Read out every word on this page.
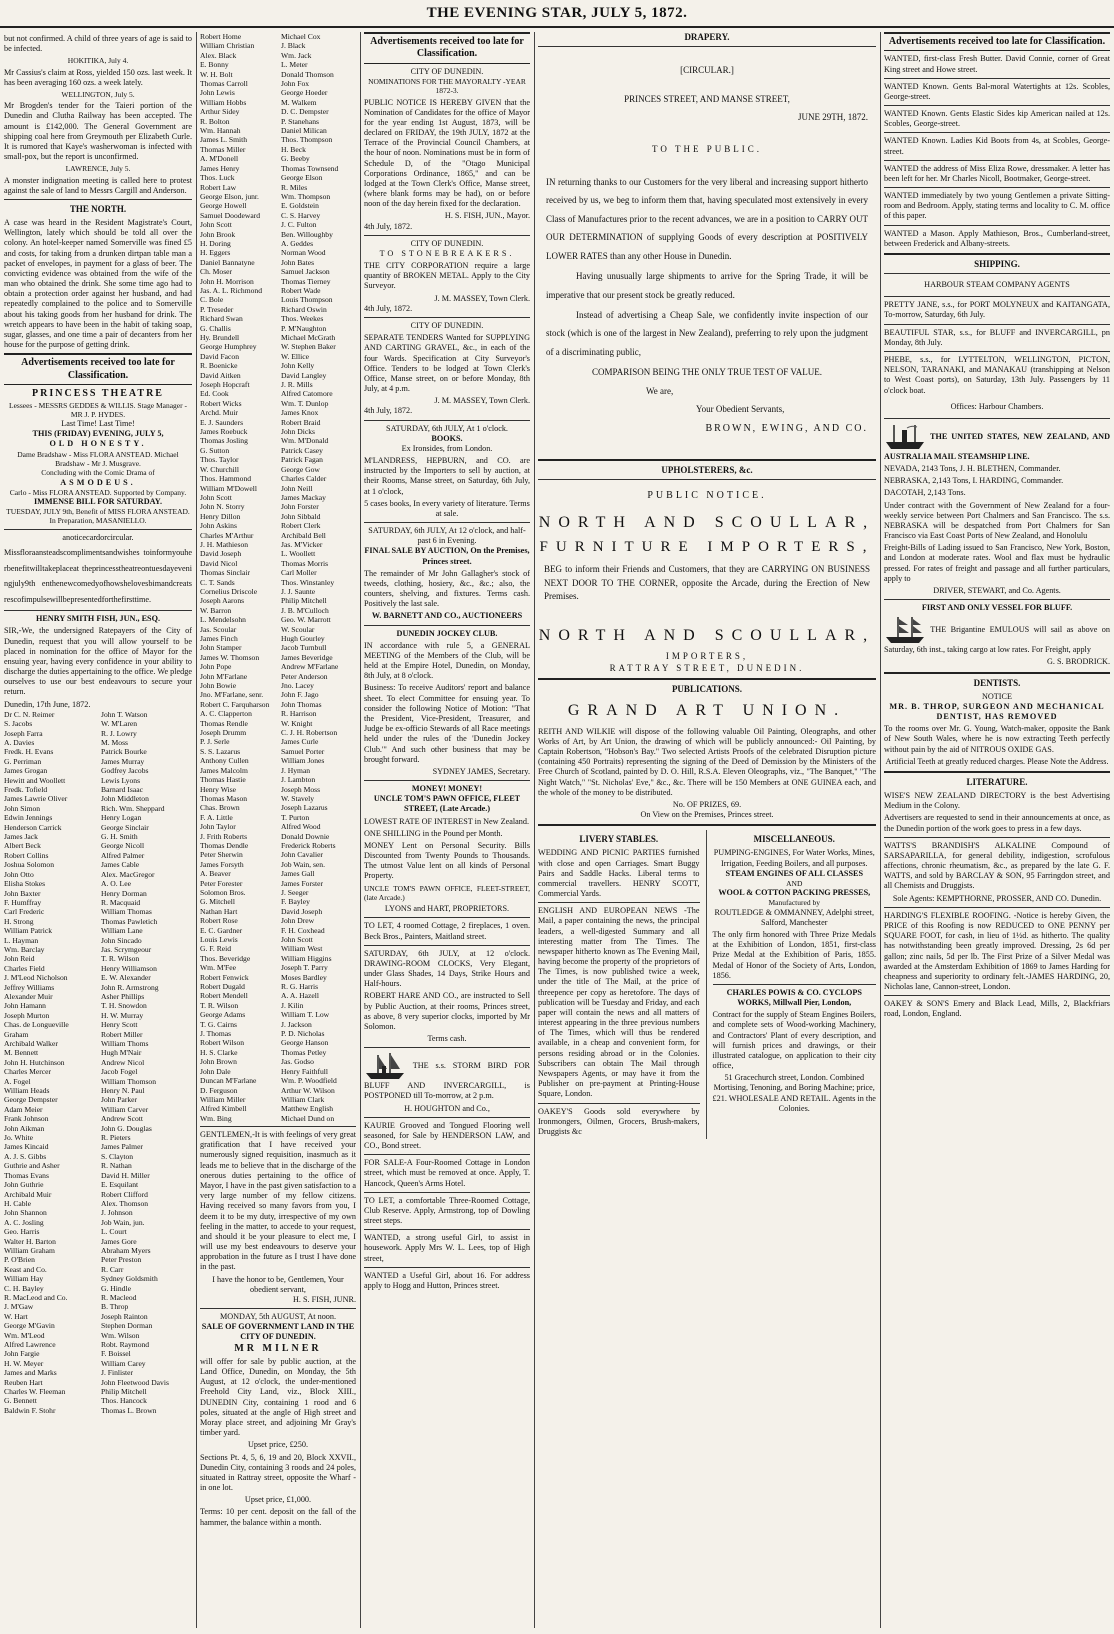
THE EVENING STAR, JULY 5, 1872.
but not confirmed. A child of three years of age is said to be infected.
HOKITIKA, July 4.
Mr Cassius's claim at Ross, yielded 150 ozs. last week. It has been averaging 160 ozs. a week lately.
WELLINGTON, July 5.
Mr Brogden's tender for the Taieri portion of the Dunedin and Clutha Railway has been accepted. The amount is £142,000. The General Government are shipping coal here from Greymouth per Elizabeth Curle. It is rumored that Kaye's washerwoman is infected with small-pox, but the report is unconfirmed.
LAWRENCE, July 5.
A monster indignation meeting is called here to protest against the sale of land to Messrs Cargill and Anderson.
THE NORTH.
A case was heard in the Resident Magistrate's Court, Wellington, lately which should be told all over the colony. An hotel-keeper named Somerville was fined £5 and costs, for taking from a drunken dirtpan table man a packet of envelopes, in payment for a glass of beer. The convicting evidence was obtained from the wife of the man who obtained the drink. She some time ago had to obtain a protection order against her husband, and had repeatedly complained to the police and to Somerville about his taking goods from her husband for drink. The wretch appears to have been in the habit of taking soap, sugar, glasses, and one time a pair of decanters from her house for the purpose of getting drink.
Advertisements received too late for Classification.
PRINCESS THEATRE
Lessees - MESSRS GEDDES & WILLIS. Stage Manager - MR J. P. HYDES.
Last Time! Last Time!
THIS (FRIDAY) EVENING, JULY 5,
OLD HONESTY.
Dame Bradshaw - Miss FLORA ANSTEAD. Michael Bradshaw - Mr J. Musgrave.
Concluding with the Comic Drama of
ASMODEUS.
Carlo - Miss FLORA ANSTEAD. Supported by Company.
IMMENSE BILL FOR SATURDAY.
TUESDAY, JULY 9th, Benefit of MISS FLORA ANSTEAD. In Preparation, MASANIELLO.
anoticecardorcircular.
Missfloraansteadscomplimentsandwishes toinformyouherbenefitwilltakeplaceat theprincesstheatreontuesdayeveningjuly9th enthenewcomedyofhowshelovesbimandcreats rescofimpulsewillbepresentedforthefirsttime.
HENRY SMITH FISH, JUN., ESQ.
SIR,-We, the undersigned Ratepayers of the City of Dunedin, request that you will allow yourself to be placed in nomination for the office of Mayor for the ensuing year, having every confidence in your ability to discharge the duties appertaining to the office. We pledge ourselves to use our best endeavours to secure your return.
Dunedin, 17th June, 1872.
Dr C. N. Reimer
S. Jacobs
Joseph Farra
A. Davies
Fredk. H. Evans
G. Perriman
James Grogan
Hewitt and Woollett
Fredk. Tofield
James Lawrie Oliver
John Simon
Edwin Jennings
Henderson Carrick
James Jack
Albert Beck
Robert Collins
Joshua Solomon
John Otto
Elisha Stokes
John Baxter
F. Humffray
Carl Frederic
H. Strong
William Patrick
L. Hayman
Wm. Barclay
John Reid
Charles Field
J. M'Leod Nicholson
Jeffrey Williams
Alexander Muir
John Hamann
Joseph Murton
Chas. de Longueville Graham
Archibald Walker
M. Bennett
John H. Hutchinson
Charles Mercer
A. Fogel
William Heads
George Dempster
Adam Meier
Frank Johnson
John Aikman
Jo. White
James Kincaid
A. J. S. Gibbs
Guthrie and Asher
Thomas Evans
John Guthrie
Archibald Muir
H. Cable
John Shannon
A. C. Josling
Geo. Harris
Walter H. Barton
William Graham
P. O'Brien
Keast and Co.
William Hay
C. H. Bayley
R. MacLeod and Co.
J. M'Gaw
W. Hart
George M'Gavin
Wm. M'Leod
Alfred Lawrence
John Fargie
H. W. Meyer
James and Marks
Reuben Hart
Charles W. Fleeman
G. Bennett
Baldwin F. Stohr
John T. Watson
W. M'Laren
R. J. Lowry
M. Moss
Patrick Bourke
James Murray
Godfrey Jacobs
Lewis Lyons
Barnard Isaac
John Middleton
Rich. Wm. Sheppard
Henry Logan
George Sinclair
G. H. Smith
George Nicoll
Alfred Palmer
James Cable
Alex. MacGregor
A. O. Lee
Henry Dorman
R. Macquaid
William Thomas
Thomas Pawletich
William Lane
John Sincado
Jas. Scrymgeour
T. R. Wilson
Henry Williamson
E. W. Alexander
John R. Armstrong
Asher Phillips
T. H. Snowdon
H. W. Murray
Henry Scott
Robert Miller
William Thoms
Hugh M'Nair
Andrew Nicol
Jacob Fogel
William Thomson
Henry N. Paul
John Parker
William Carver
Andrew Scott
John G. Douglas
R. Pieters
James Palmer
S. Clayton
R. Nathan
David H. Miller
E. Esquilant
Robert Clifford
Alex. Thomson
J. Johnson
Job Wain, jun.
L. Court
James Gore
Abraham Myers
Peter Preston
R. Carr
Sydney Goldsmith
G. Hindle
R. Macleod
B. Throp
Joseph Rainton
Stephen Dorman
Wm. Wilson
Robt. Raymond
F. Boissel
William Carey
J. Finlister
John Fleetwood Davis
Philip Mitchell
Thos. Hancock
Thomas L. Brown
Robert Home
William Christian
Alex. Black
E. Bonny
W. H. Bolt
Thomas Carroll
John Lewis
William Hobbs
Arthur Sidey
R. Bolton
Wm. Hannah
James L. Smith
Thomas Miller
A. M'Donell
James Henry
Thos. Luck
Robert Law
George Elson, junr.
George Howell
Samuel Doodeward
John Scott
John Brook
H. Doring
H. Eggers
Daniel Bannatyne
Ch. Moser
John H. Morrison
Jas. A. L. Richmond
C. Bole
P. Treseder
Richard Swan
G. Challis
Hy. Brundell
George Humphrey
David Facon
R. Boenicke
David Aitken
Joseph Hopcraft
Ed. Cook
Robert Wicks
Archd. Muir
E. J. Saunders
James Roebuck
Thomas Josling
G. Sutton
Thos. Taylor
W. Churchill
Thos. Hammond
William M'Dowell
John Scott
John N. Storry
Henry Dillon
John Askins
Charles M'Arthur
J. H. Mathieson
David Joseph
David Nicol
Thomas Sinclair
C. T. Sands
Cornelius Driscole
Joseph Aarons
W. Barron
L. Mendelsohn
Jas. Scoular
James Finch
John Stamper
James W. Thomson
John Pope
John M'Farlane
John Bowie
Jno. M'Farlane, senr.
Robert C. Farquharson
A. C. Clapperton
Thomas Rendle
Joseph Drumm
P. J. Serle
S. S. Lazarus
Anthony Cullen
James Malcolm
Thomas Hastie
Henry Wise
Thomas Mason
Chas. Brown
F. A. Little
John Taylor
J. Frith Roberts
Thomas Dendle
Peter Sherwin
James Forsyth
A. Beaver
Peter Forester
Solomon Bros.
G. Mitchell
Nathan Hart
Robert Rose
E. C. Gardner
Louis Lewis
G. F. Reid
Thos. Beveridge
Wm. M'Fee
Robert Fenwick
Robert Dugald
Robert Mendell
T. R. Wilson
George Adams
T. G. Cairns
J. Thomas
Robert Wilson
H. S. Clarke
John Brown
John Dale
Duncan M'Farlane
D. Ferguson
William Miller
Alfred Kimbell
Wm. Bing
Michael Cox
J. Black
Wm. Jack
L. Meter
Donald Thomson
John Fox
George Hoeder
M. Walkem
D. C. Dempster
P. Stanehans
Daniel Milican
Thos. Thompson
H. Beck
G. Beeby
Thomas Townsend
George Elson
R. Miles
Wm. Thompson
E. Goldstein
C. S. Harvey
J. C. Fulton
Ben. Willoughby
A. Geddes
Norman Wood
John Bates
Samuel Jackson
Thomas Tierney
Robert Wade
Louis Thompson
Richard Oswin
Thos. Weekes
P. M'Naughton
Michael McGrath
W. Stephen Baker
W. Ellice
John Kelly
David Langley
J. R. Mills
Alfred Catomore
Wm. T. Dunlop
James Knox
Robert Braid
John Dicks
Wm. M'Donald
Patrick Casey
Patrick Fagan
George Gow
Charles Calder
John Neill
James Mackay
John Forster
John Sibbald
Robert Clerk
Archibald Bell
Jas. M'Vicker
L. Woollett
Thomas Morris
Carl Moller
Thos. Winstanley
J. J. Saunte
Philip Mitchell
J. B. M'Culloch
Geo. W. Marrott
W. Scoular
Hugh Gourley
Jacob Turnbull
James Beveridge
Andrew M'Farlane
Peter Anderson
Jno. Lacey
John F. Jago
John Thomas
R. Harrison
W. Knight
C. J. H. Robertson
James Curle
Samuel Porter
William Jones
J. Hyman
J. Lambton
Joseph Moss
W. Stavely
Joseph Lazarus
T. Purton
Alfred Wood
Donald Downie
Frederick Roberts
John Cavalier
Job Wain, sen.
James Gall
James Forster
J. Seeger
F. Bayley
David Joseph
John Drew
F. H. Coxhead
John Scott
William West
William Higgins
Joseph T. Parry
Moses Bardley
R. G. Harris
A. A. Hazell
J. Kilin
William T. Low
J. Jackson
P. D. Nicholas
George Hanson
Thomas Petley
Jas. Godso
Henry Faithfull
Wm. P. Woodfield
Arthur W. Wilson
William Clark
Matthew English
Michael Dund on
GENTLEMEN,-It is with feelings of very great gratification that I have received your numerously signed requisition, inasmuch as it leads me to believe that in the discharge of the onerous duties pertaining to the office of Mayor, I have in the past given satisfaction to a very large number of my fellow citizens. Having received so many favors from you, I deem it to be my duty, irrespective of my own feeling in the matter, to accede to your request, and should it be your pleasure to elect me, I will use my best endeavours to deserve your approbation in the future as I trust I have done in the past.
I have the honor to be, Gentlemen, Your obedient servant,
H. S. FISH, JUNR.
MONDAY, 5th AUGUST, At noon.
SALE OF GOVERNMENT LAND IN THE CITY OF DUNEDIN.
MR MILNER
will offer for sale by public auction, at the Land Office, Dunedin, on Monday, the 5th August, at 12 o'clock, the under-mentioned Freehold City Land, viz., Block XIII., DUNEDIN City, containing 1 rood and 6 poles, situated at the angle of High street and Moray place street, and adjoining Mr Gray's timber yard.
Upset price, £250.
Sections Pt. 4, 5, 6, 19 and 20, Block XXVII., Dunedin City, containing 3 roods and 24 poles, situated in Rattray street, opposite the Wharf - in one lot.
Upset price, £1,000.
Terms: 10 per cent. deposit on the fall of the hammer, the balance within a month.
Advertisements received too late for Classification.
CITY OF DUNEDIN.
NOMINATIONS FOR THE MAYORALTY -YEAR 1872-3.
PUBLIC NOTICE IS HEREBY GIVEN that the Nomination of Candidates for the office of Mayor for the year ending 1st August, 1873, will be declared on FRIDAY, the 19th JULY, 1872 at the Terrace of the Provincial Council Chambers, at the hour of noon. Nominations must be in form of Schedule D, of the "Otago Municipal Corporations Ordinance, 1865," and can be lodged at the Town Clerk's Office, Manse street, (where blank forms may be had), on or before noon of the day herein fixed for the declaration.
H. S. FISH, JUN., Mayor.
4th July, 1872.
CITY OF DUNEDIN.
TO STONEBREAKERS.
THE CITY CORPORATION require a large quantity of BROKEN METAL. Apply to the City Surveyor.
J. M. MASSEY, Town Clerk.
4th July, 1872.
CITY OF DUNEDIN.
SEPARATE TENDERS Wanted for SUPPLYING AND CARTING GRAVEL, &c., in each of the four Wards. Specification at City Surveyor's Office. Tenders to be lodged at Town Clerk's Office, Manse street, on or before Monday, 8th July, at 4 p.m.
J. M. MASSEY, Town Clerk.
4th July, 1872.
SATURDAY, 6th JULY, At 1 o'clock.
BOOKS.
Ex Ironsides, from London.
M'LANDRESS, HEPBURN, and CO. are instructed by the Importers to sell by auction, at their Rooms, Manse street, on Saturday, 6th July, at 1 o'clock,
5 cases books, In every variety of literature. Terms at sale.
SATURDAY, 6th JULY, At 12 o'clock, and half-past 6 in Evening.
FINAL SALE BY AUCTION, On the Premises, Princes street.
The remainder of Mr John Gallagher's stock of tweeds, clothing, hosiery, &c., &c.; also, the counters, shelving, and fixtures. Terms cash. Positively the last sale.
W. BARNETT AND CO., AUCTIONEERS
DUNEDIN JOCKEY CLUB.
IN accordance with rule 5, a GENERAL MEETING of the Members of the Club, will be held at the Empire Hotel, Dunedin, on Monday, 8th July, at 8 o'clock.
Business: To receive Auditors' report and balance sheet. To elect Committee for ensuing year. To consider the following Notice of Motion: "That the President, Vice-President, Treasurer, and Judge be ex-officio Stewards of all Race meetings held under the rules of the 'Dunedin Jockey Club.'" And such other business that may be brought forward.
SYDNEY JAMES, Secretary.
MONEY! MONEY!
UNCLE TOM'S PAWN OFFICE, FLEET STREET, (Late Arcade.)
LOWEST RATE OF INTEREST in New Zealand.
ONE SHILLING in the Pound per Month.
MONEY Lent on Personal Security. Bills Discounted from Twenty Pounds to Thousands. The utmost Value lent on all kinds of Personal Property.
UNCLE TOM'S PAWN OFFICE, FLEET-STREET, (late Arcade.)
LYONS and HART, PROPRIETORS.
TO LET, 4 roomed Cottage, 2 fireplaces, 1 oven. Beck Bros., Painters, Maitland street.
SATURDAY, 6th JULY, at 12 o'clock. DRAWING-ROOM CLOCKS, Very Elegant, under Glass Shades, 14 Days, Strike Hours and Half-hours.
ROBERT HARE AND CO., are instructed to Sell by Public Auction, at their rooms, Princes street, as above, 8 very superior clocks, imported by Mr Solomon.
Terms cash.
THE s.s. STORM BIRD FOR BLUFF AND INVERCARGILL, is POSTPONED till To-morrow, at 2 p.m.
H. HOUGHTON and Co.,
KAURIE Grooved and Tongued Flooring well seasoned, for Sale by HENDERSON LAW, and CO., Bond street.
FOR SALE-A Four-Roomed Cottage in London street, which must be removed at once. Apply, T. Hancock, Queen's Arms Hotel.
TO LET, a comfortable Three-Roomed Cottage, Club Reserve. Apply, Armstrong, top of Dowling street steps.
WANTED, a strong useful Girl, to assist in housework. Apply Mrs W. L. Lees, top of High street,
WANTED a Useful Girl, about 16. For address apply to Hogg and Hutton, Princes street.
DRAPERY.
[CIRCULAR.]
PRINCES STREET, AND MANSE STREET,
JUNE 29TH, 1872.
TO THE PUBLIC.
IN returning thanks to our Customers for the very liberal and increasing support hitherto received by us, we beg to inform them that, having speculated most extensively in every Class of Manufactures prior to the recent advances, we are in a position to CARRY OUT OUR DETERMINATION of supplying Goods of every description at POSITIVELY LOWER RATES than any other House in Dunedin.
Having unusually large shipments to arrive for the Spring Trade, it will be imperative that our present stock be greatly reduced.
Instead of advertising a Cheap Sale, we confidently invite inspection of our stock (which is one of the largest in New Zealand), preferring to rely upon the judgment of a discriminating public,
COMPARISON BEING THE ONLY TRUE TEST OF VALUE.
We are,
Your Obedient Servants,
BROWN, EWING, AND CO.
UPHOLSTERERS, &c.
PUBLIC NOTICE.
NORTH AND SCOULLAR,
FURNITURE IMPORTERS,
BEG to inform their Friends and Customers, that they are CARRYING ON BUSINESS NEXT DOOR TO THE CORNER, opposite the Arcade, during the Erection of New Premises.
NORTH AND SCOULLAR,
IMPORTERS,
RATTRAY STREET, DUNEDIN.
PUBLICATIONS.
GRAND ART UNION.
REITH AND WILKIE will dispose of the following valuable Oil Painting, Oleographs, and other Works of Art, by Art Union, the drawing of which will be publicly announced:- Oil Painting, by Captain Robertson, "Hobson's Bay." Two selected Artists Proofs of the celebrated Disruption picture (containing 450 Portraits) representing the signing of the Deed of Demission by the Ministers of the Free Church of Scotland, painted by D. O. Hill, R.S.A. Eleven Oleographs, viz., "The Banquet," "The Night Watch," "St. Nicholas' Eve," &c., &c. There will be 150 Members at ONE GUINEA each, and the whole of the money to be distributed.
No. OF PRIZES, 69.
On View on the Premises, Princes street.
LIVERY STABLES.
WEDDING AND PICNIC PARTIES furnished with close and open Carriages. Smart Buggy Pairs and Saddle Hacks. Liberal terms to commercial travellers. HENRY SCOTT, Commercial Yards.
ENGLISH AND EUROPEAN NEWS -The Mail, a paper containing the news, the principal leaders, a well-digested Summary and all interesting matter from The Times. The newspaper hitherto known as The Evening Mail, having become the property of the proprietors of The Times, is now published twice a week, under the title of The Mail, at the price of threepence per copy as heretofore. The days of publication will be Tuesday and Friday, and each paper will contain the news and all matters of interest appearing in the three previous numbers of The Times, which will thus be rendered available, in a cheap and convenient form, for persons residing abroad or in the Colonies. Subscribers can obtain The Mail through Newspapers Agents, or may have it from the Publisher on pre-payment at Printing-House Square, London.
OAKEY'S Goods sold everywhere by Ironmongers, Oilmen, Grocers, Brush-makers, Druggists &c
MISCELLANEOUS.
PUMPING-ENGINES, For Water Works, Mines, Irrigation, Feeding Boilers, and all purposes.
STEAM ENGINES OF ALL CLASSES
AND
WOOL & COTTON PACKING PRESSES,
Manufactured by
ROUTLEDGE & OMMANNEY, Adelphi street, Salford, Manchester
The only firm honored with Three Prize Medals at the Exhibition of London, 1851, first-class Prize Medal at the Exhibition of Paris, 1855. Medal of Honor of the Society of Arts, London, 1856.
CHARLES POWIS & CO. CYCLOPS WORKS, Millwall Pier, London,
Contract for the supply of Steam Engines Boilers, and complete sets of Wood-working Machinery, and Contractors' Plant of every description, and will furnish prices and drawings, or their illustrated catalogue, on application to their city office,
51 Gracechurch street, London. Combined Mortising, Tenoning, and Boring Machine; price, £21. WHOLESALE AND RETAIL. Agents in the Colonies.
Advertisements received too late for Classification.
WANTED, first-class Fresh Butter. David Connie, corner of Great King street and Howe street.
WANTED Known. Gents Bal-moral Watertights at 12s. Scobles, George-street.
WANTED Known. Gents Elastic Sides kip American nailed at 12s. Scobles, George-street.
WANTED Known. Ladies Kid Boots from 4s, at Scobles, George-street.
WANTED the address of Miss Eliza Rowe, dressmaker. A letter has been left for her. Mr Charles Nicoll, Bootmaker, George-street.
WANTED immediately by two young Gentlemen a private Sitting-room and Bedroom. Apply, stating terms and locality to C. M. office of this paper.
WANTED a Mason. Apply Mathieson, Bros., Cumberland-street, between Frederick and Albany-streets.
SHIPPING.
HARBOUR STEAM COMPANY AGENTS
PRETTY JANE, s.s., for PORT MOLYNEUX and KAITANGATA, To-morrow, Saturday, 6th July.
BEAUTIFUL STAR, s.s., for BLUFF and INVERCARGILL, pn Monday, 8th July.
PHEBE, s.s., for LYTTELTON, WELLINGTON, PICTON, NELSON, TARANAKI, and MANAKAU (transhipping at Nelson to West Coast ports), on Saturday, 13th July. Passengers by 11 o'clock boat.
Offices: Harbour Chambers.
THE UNITED STATES, NEW ZEALAND, AND AUSTRALIA MAIL STEAMSHIP LINE.
NEVADA, 2143 Tons, J. H. BLETHEN, Commander.
NEBRASKA, 2,143 Tons, I. HARDING, Commander.
DACOTAH, 2,143 Tons.
Under contract with the Government of New Zealand for a four-weekly service between Port Chalmers and San Francisco. The s.s. NEBRASKA will be despatched from Port Chalmers for San Francisco via East Coast Ports of New Zealand, and Honolulu
Freight-Bills of Lading issued to San Francisco, New York, Boston, and London at moderate rates. Wool and flax must be hydraulic pressed. For rates of freight and passage and all further particulars, apply to
DRIVER, STEWART, and Co. Agents.
FIRST AND ONLY VESSEL FOR BLUFF.
THE Brigantine EMULOUS will sail as above on Saturday, 6th inst., taking cargo at low rates. For Freight, apply
G. S. BRODRICK.
DENTISTS.
NOTICE
MR. B. THROP, SURGEON AND MECHANICAL DENTIST, HAS REMOVED
To the rooms over Mr. G. Young, Watch-maker, opposite the Bank of New South Wales, where he is now extracting Teeth perfectly without pain by the aid of NITROUS OXIDE GAS.
Artificial Teeth at greatly reduced charges. Please Note the Address.
LITERATURE.
WISE'S NEW ZEALAND DIRECTORY is the best Advertising Medium in the Colony.
Advertisers are requested to send in their announcements at once, as the Dunedin portion of the work goes to press in a few days.
WATTS'S BRANDISH'S ALKALINE Compound of SARSAPARILLA, for general debility, indigestion, scrofulous affections, chronic rheumatism, &c., as prepared by the late G. F. WATTS, and sold by BARCLAY & SON, 95 Farringdon street, and all Chemists and Druggists.
Sole Agents: KEMPTHORNE, PROSSER, AND CO. Dunedin.
HARDING'S FLEXIBLE ROOFING. -Notice is hereby Given, the PRICE of this Roofing is now REDUCED to ONE PENNY per SQUARE FOOT, for cash, in lieu of 1½d. as hitherto. The quality has notwithstanding been greatly improved. Dressing, 2s 6d per gallon; zinc nails, 5d per lb. The First Prize of a Silver Medal was awarded at the Amsterdam Exhibition of 1869 to James Harding for cheapness and superiority to ordinary felt.-JAMES HARDING, 20, Nicholas lane, Cannon-street, London.
OAKEY & SON'S Emery and Black Lead, Mills, 2, Blackfriars road, London, England.
